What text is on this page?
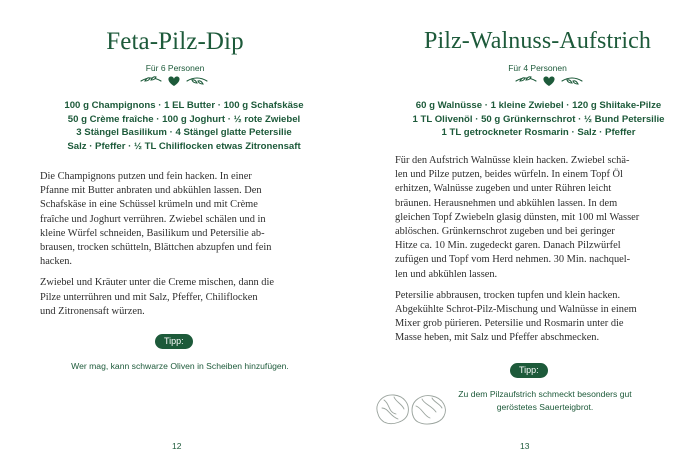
Feta-Pilz-Dip
Für 6 Personen
100 g Champignons · 1 EL Butter · 100 g Schafskäse
50 g Crème fraîche · 100 g Joghurt · ½ rote Zwiebel
3 Stängel Basilikum · 4 Stängel glatte Petersilie
Salz · Pfeffer · ½ TL Chiliflocken etwas Zitronensaft

Die Champignons putzen und fein hacken. In einer
Pfanne mit Butter anbraten und abkühlen lassen. Den
Schafskäse in eine Schüssel krümeln und mit Crème
fraîche und Joghurt verrühren. Zwiebel schälen und in
kleine Würfel schneiden, Basilikum und Petersilie ab-
brausen, trocken schütteln, Blättchen abzupfen und fein
hacken.

Zwiebel und Kräuter unter die Creme mischen, dann die
Pilze unterrühren und mit Salz, Pfeffer, Chiliflocken
und Zitronensaft würzen.

Tipp:
Wer mag, kann schwarze Oliven in Scheiben hinzufügen.
12
Pilz-Walnuss-Aufstrich
Für 4 Personen
60 g Walnüsse · 1 kleine Zwiebel · 120 g Shiitake-Pilze
1 TL Olivenöl · 50 g Grünkernschrot · ½ Bund Petersilie
1 TL getrockneter Rosmarin · Salz · Pfeffer

Für den Aufstrich Walnüsse klein hacken. Zwiebel schä-
len und Pilze putzen, beides würfeln. In einem Topf Öl
erhitzen, Walnüsse zugeben und unter Rühren leicht
bräunen. Herausnehmen und abkühlen lassen. In dem
gleichen Topf Zwiebeln glasig dünsten, mit 100 ml Wasser
ablöschen. Grünkernschrot zugeben und bei geringer
Hitze ca. 10 Min. zugedeckt garen. Danach Pilzwürfel
zufügen und Topf vom Herd nehmen. 30 Min. nachquel-
len und abkühlen lassen.

Petersilie abbrausen, trocken tupfen und klein hacken.
Abgekühlte Schrot-Pilz-Mischung und Walnüsse in einem
Mixer grob pürieren. Petersilie und Rosmarin unter die
Masse heben, mit Salz und Pfeffer abschmecken.

Tipp:
Zu dem Pilzaufstrich schmeckt besonders gut
geröstetes Sauerteigbrot.
13
